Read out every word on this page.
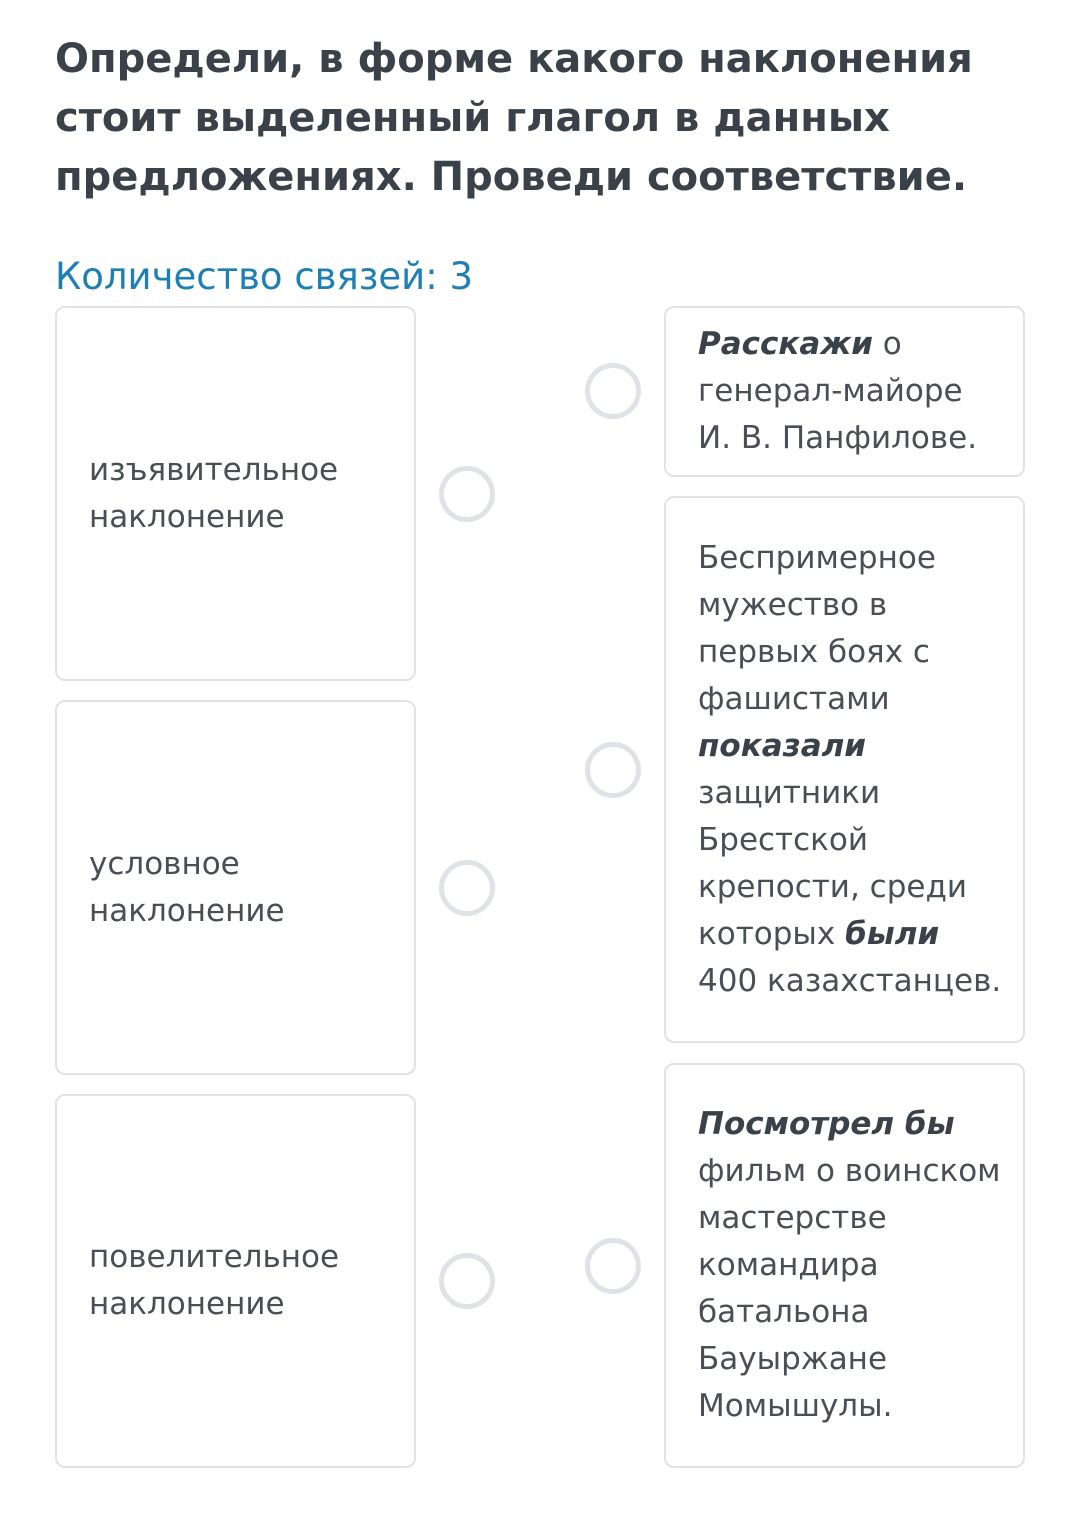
Определи, в форме какого наклонения стоит выделенный глагол в данных предложениях. Проведи соответствие.

Количество связей: 3

изъявительное наклонение
условное наклонение
повелительное наклонение
Расскажи о генерал-майоре И. В. Панфилове.
Беспримерное мужество в первых боях с фашистами показали защитники Брестской крепости, среди которых были 400 казахстанцев.
Посмотрел бы фильм о воинском мастерстве командира батальона Бауыржане Момышулы.
